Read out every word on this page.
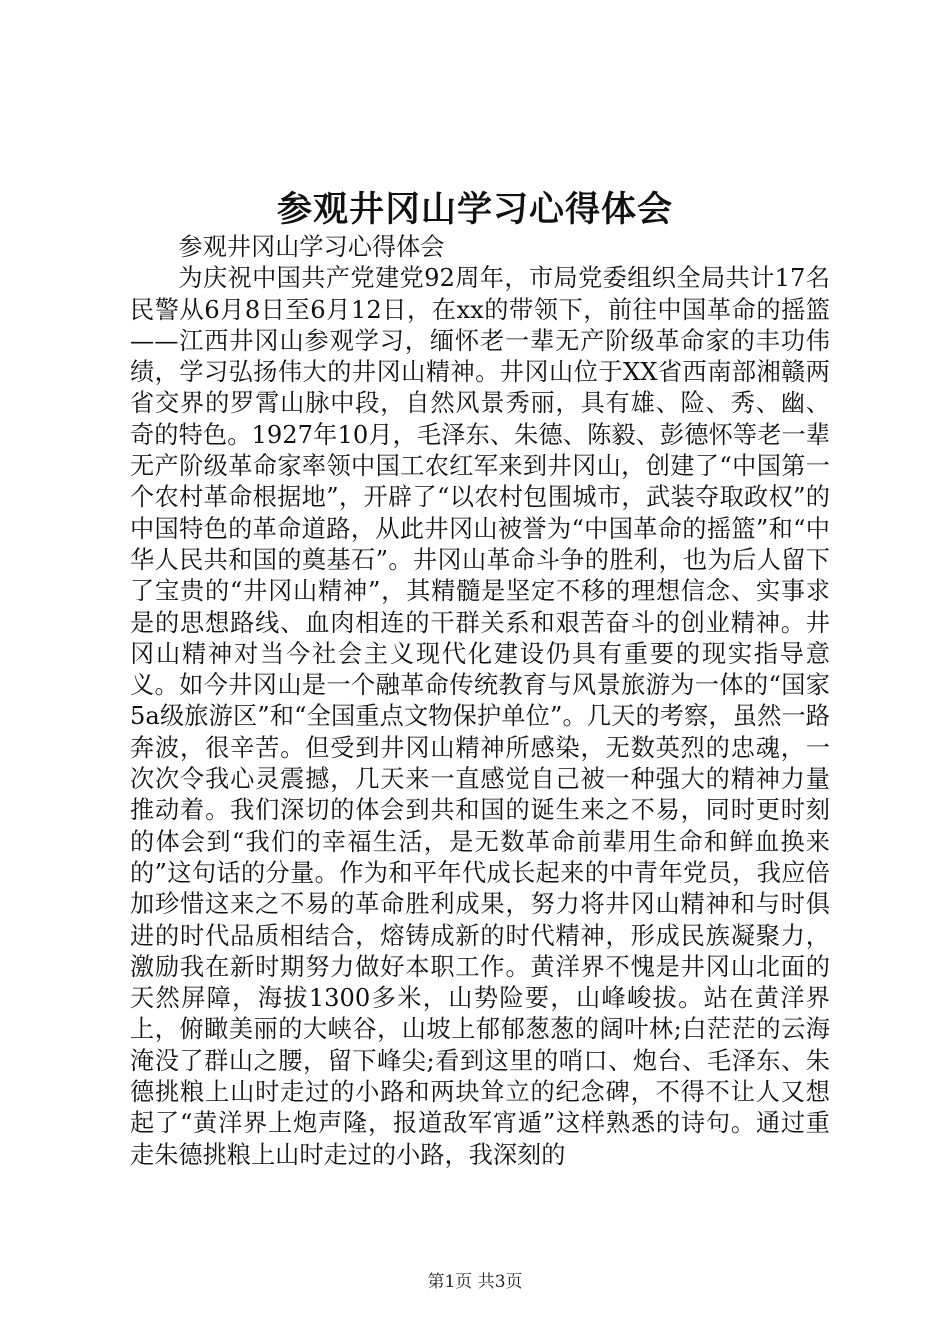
参观井冈山学习心得体会

参观井冈山学习心得体会

为庆祝中国共产党建党92周年，市局党委组织全局共计17名民警从6月8日至6月12日，在xx的带领下，前往中国革命的摇篮——江西井冈山参观学习，缅怀老一辈无产阶级革命家的丰功伟绩，学习弘扬伟大的井冈山精神。井冈山位于XX省西南部湘赣两省交界的罗霄山脉中段，自然风景秀丽，具有雄、险、秀、幽、奇的特色。1927年10月，毛泽东、朱德、陈毅、彭德怀等老一辈无产阶级革命家率领中国工农红军来到井冈山，创建了“中国第一个农村革命根据地”，开辟了“以农村包围城市，武装夺取政权”的中国特色的革命道路，从此井冈山被誉为“中国革命的摇篮”和“中华人民共和国的奠基石”。井冈山革命斗争的胜利，也为后人留下了宝贵的“井冈山精神”，其精髓是坚定不移的理想信念、实事求是的思想路线、血肉相连的干群关系和艰苦奋斗的创业精神。井冈山精神对当今社会主义现代化建设仍具有重要的现实指导意义。如今井冈山是一个融革命传统教育与风景旅游为一体的“国家5a级旅游区”和“全国重点文物保护单位”。几天的考察，虽然一路奔波，很辛苦。但受到井冈山精神所感染，无数英烈的忠魂，一次次令我心灵震撼，几天来一直感觉自己被一种强大的精神力量推动着。我们深切的体会到共和国的诞生来之不易，同时更时刻的体会到“我们的幸福生活，是无数革命前辈用生命和鲜血换来的”这句话的分量。作为和平年代成长起来的中青年党员，我应倍加珍惜这来之不易的革命胜利成果，努力将井冈山精神和与时俱进的时代品质相结合，熔铸成新的时代精神，形成民族凝聚力，激励我在新时期努力做好本职工作。黄洋界不愧是井冈山北面的天然屏障，海拔1300多米，山势险要，山峰峻拔。站在黄洋界上，俯瞰美丽的大峡谷，山坡上郁郁葱葱的阔叶林;白茫茫的云海淹没了群山之腰，留下峰尖;看到这里的哨口、炮台、毛泽东、朱德挑粮上山时走过的小路和两块耸立的纪念碑，不得不让人又想起了“黄洋界上炮声隆，报道敌军宵遁”这样熟悉的诗句。通过重走朱德挑粮上山时走过的小路，我深刻的

第1页 共3页
